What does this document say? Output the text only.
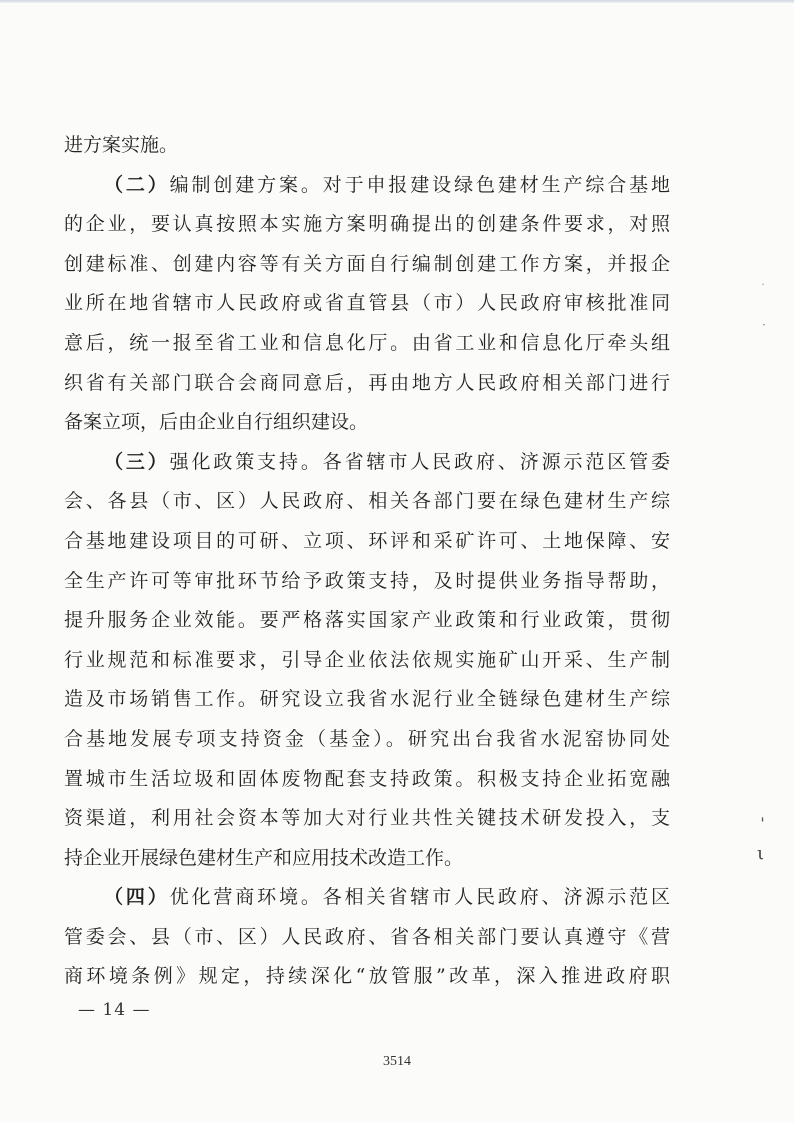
进方案实施。
（二）编制创建方案。对于申报建设绿色建材生产综合基地
的企业，要认真按照本实施方案明确提出的创建条件要求，对照
创建标准、创建内容等有关方面自行编制创建工作方案，并报企
业所在地省辖市人民政府或省直管县（市）人民政府审核批准同
意后，统一报至省工业和信息化厅。由省工业和信息化厅牵头组
织省有关部门联合会商同意后，再由地方人民政府相关部门进行
备案立项，后由企业自行组织建设。
（三）强化政策支持。各省辖市人民政府、济源示范区管委
会、各县（市、区）人民政府、相关各部门要在绿色建材生产综
合基地建设项目的可研、立项、环评和采矿许可、土地保障、安
全生产许可等审批环节给予政策支持，及时提供业务指导帮助，
提升服务企业效能。要严格落实国家产业政策和行业政策，贯彻
行业规范和标准要求，引导企业依法依规实施矿山开采、生产制
造及市场销售工作。研究设立我省水泥行业全链绿色建材生产综
合基地发展专项支持资金（基金）。研究出台我省水泥窑协同处
置城市生活垃圾和固体废物配套支持政策。积极支持企业拓宽融
资渠道，利用社会资本等加大对行业共性关键技术研发投入，支
持企业开展绿色建材生产和应用技术改造工作。
（四）优化营商环境。各相关省辖市人民政府、济源示范区
管委会、县（市、区）人民政府、省各相关部门要认真遵守《营
商环境条例》规定，持续深化“放管服”改革，深入推进政府职
— 14 —
3514
˙
·
ˈ
ι
